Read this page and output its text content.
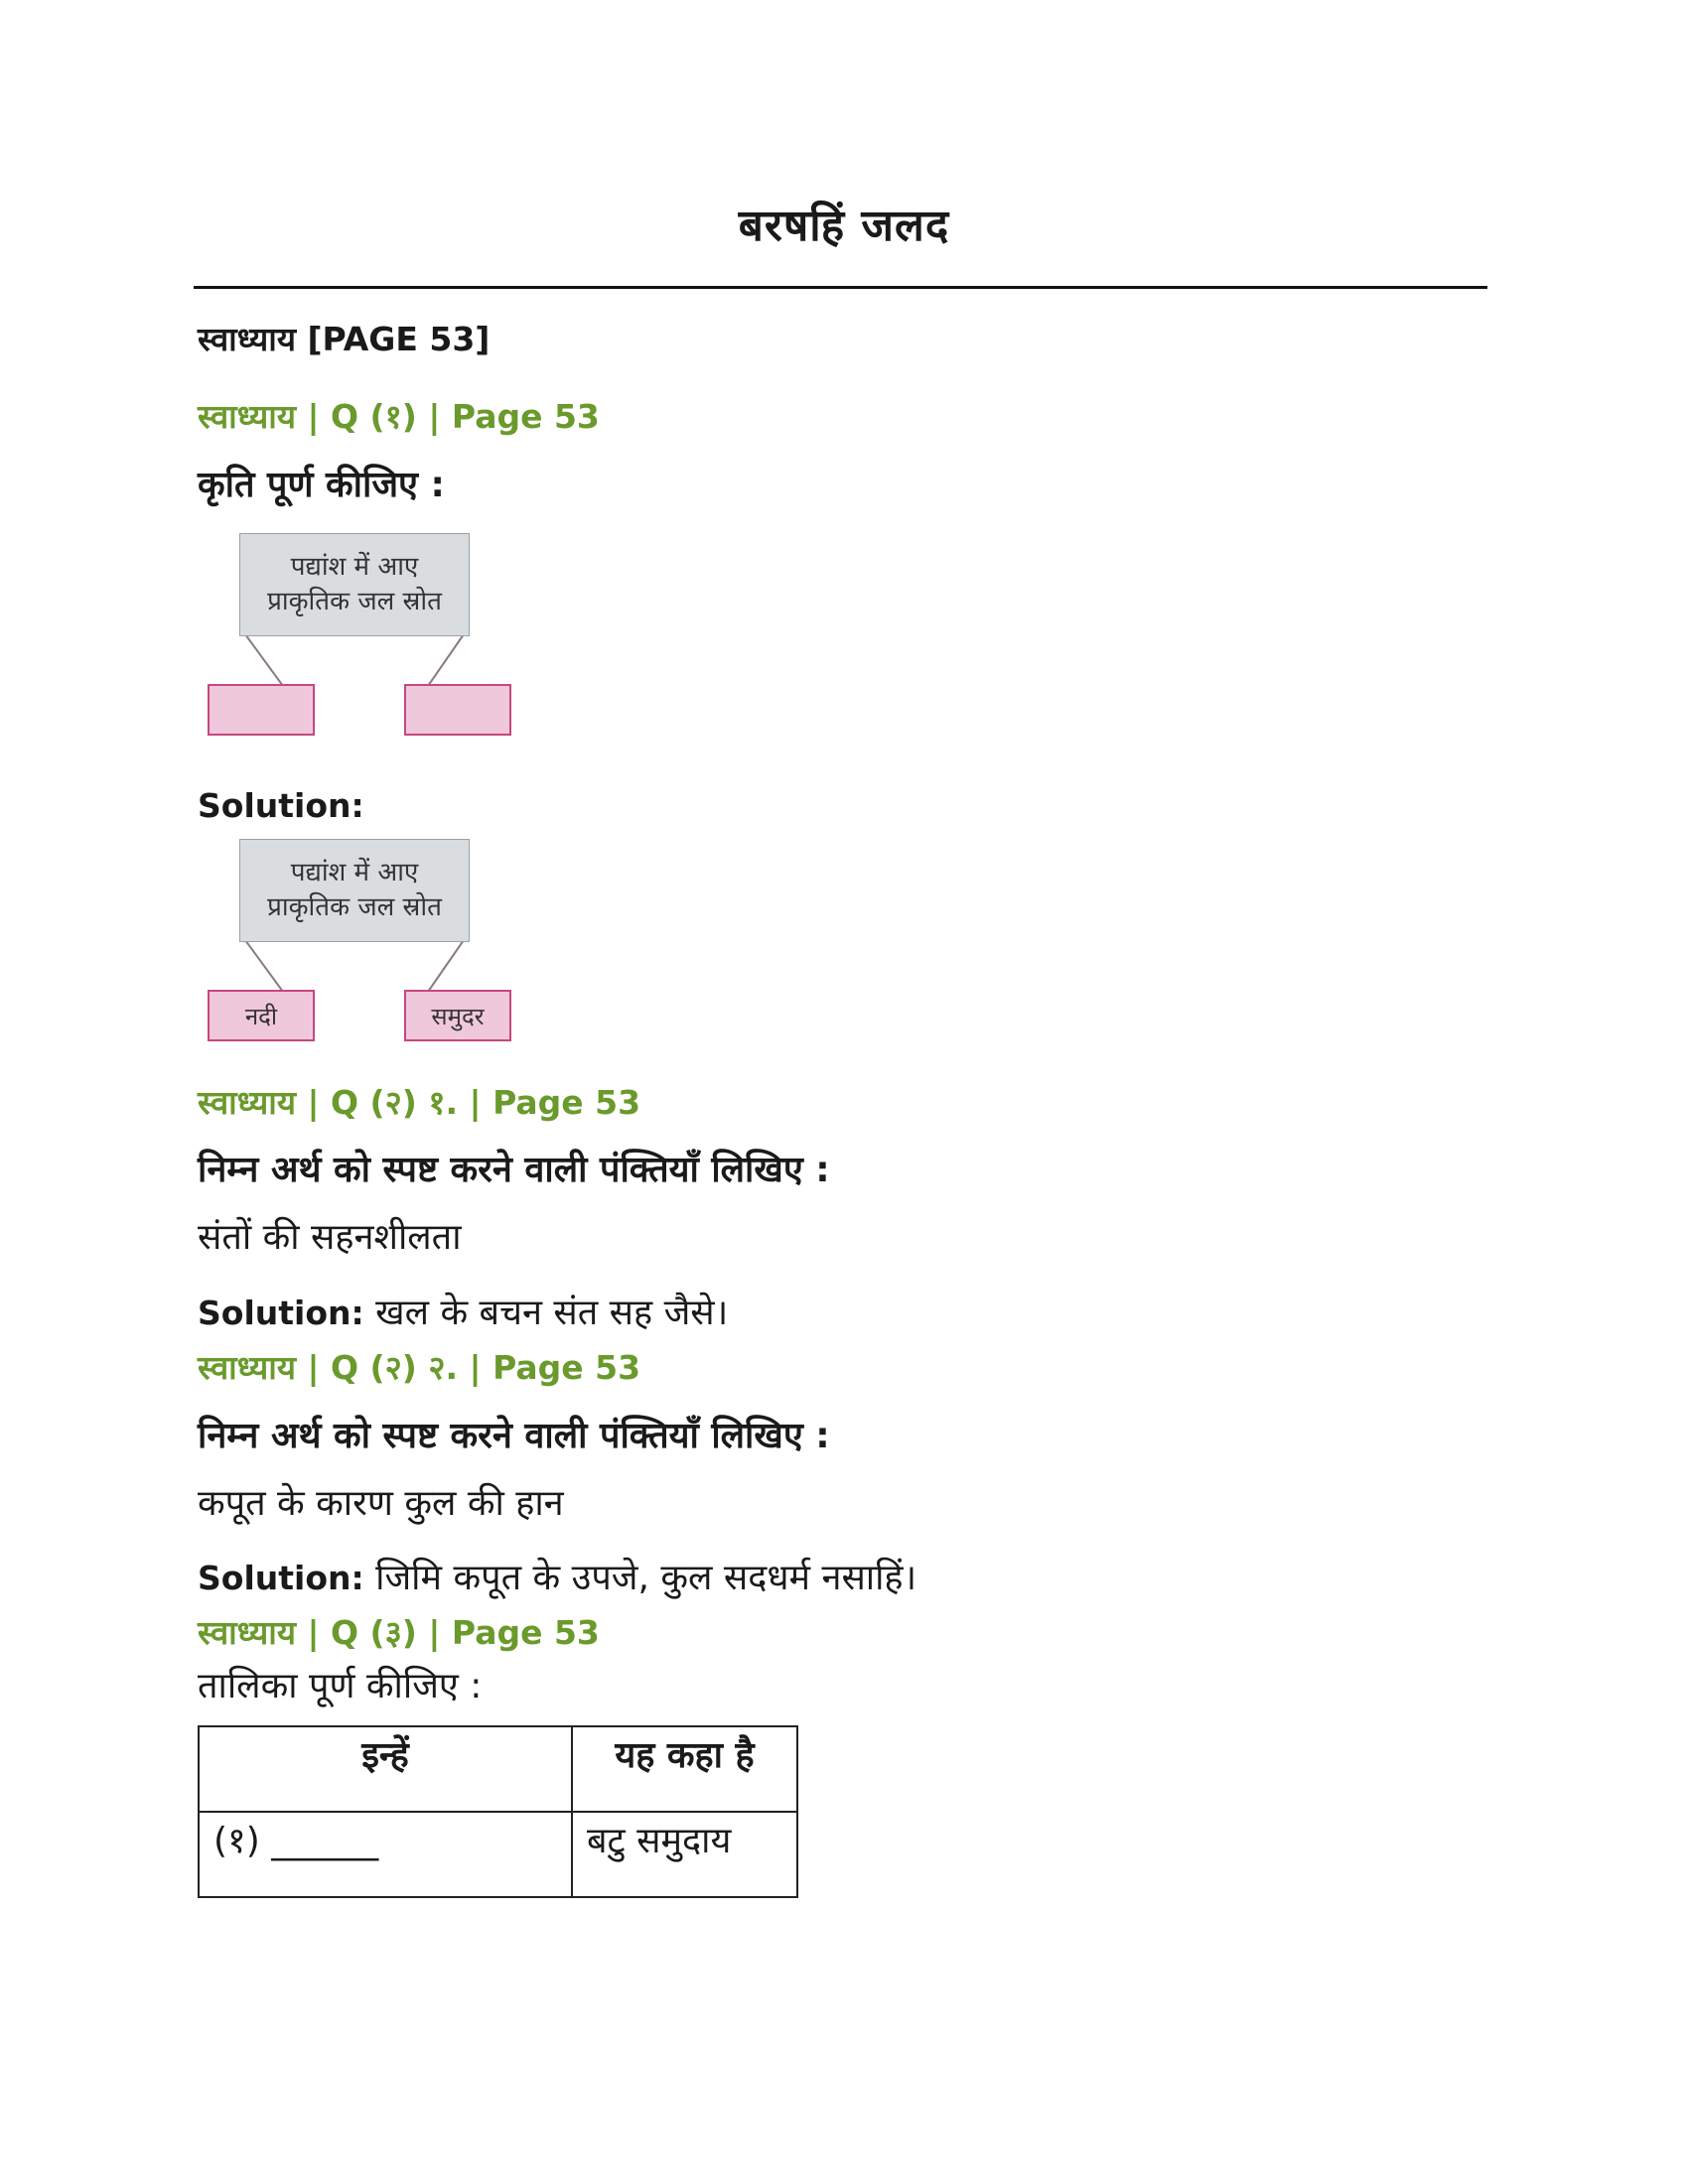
बरषहिं जलद
स्वाध्याय [PAGE 53]
स्वाध्याय | Q (१) | Page 53
कृति पूर्ण कीजिए :
पद्यांश में आए
प्राकृतिक जल स्रोत
Solution:
पद्यांश में आए
प्राकृतिक जल स्रोत
नदी	समुदर
स्वाध्याय | Q (२) १. | Page 53
निम्न अर्थ को स्पष्ट करने वाली पंक्तियाँ लिखिए :
संतों की सहनशीलता
Solution: खल के बचन संत सह जैसे।
स्वाध्याय | Q (२) २. | Page 53
निम्न अर्थ को स्पष्ट करने वाली पंक्तियाँ लिखिए :
कपूत के कारण कुल की हान
Solution: जिमि कपूत के उपजे, कुल सदधर्म नसाहिं।
स्वाध्याय | Q (३) | Page 53
तालिका पूर्ण कीजिए :
इन्हें	यह कहा है
(१) ______	बटु समुदाय
